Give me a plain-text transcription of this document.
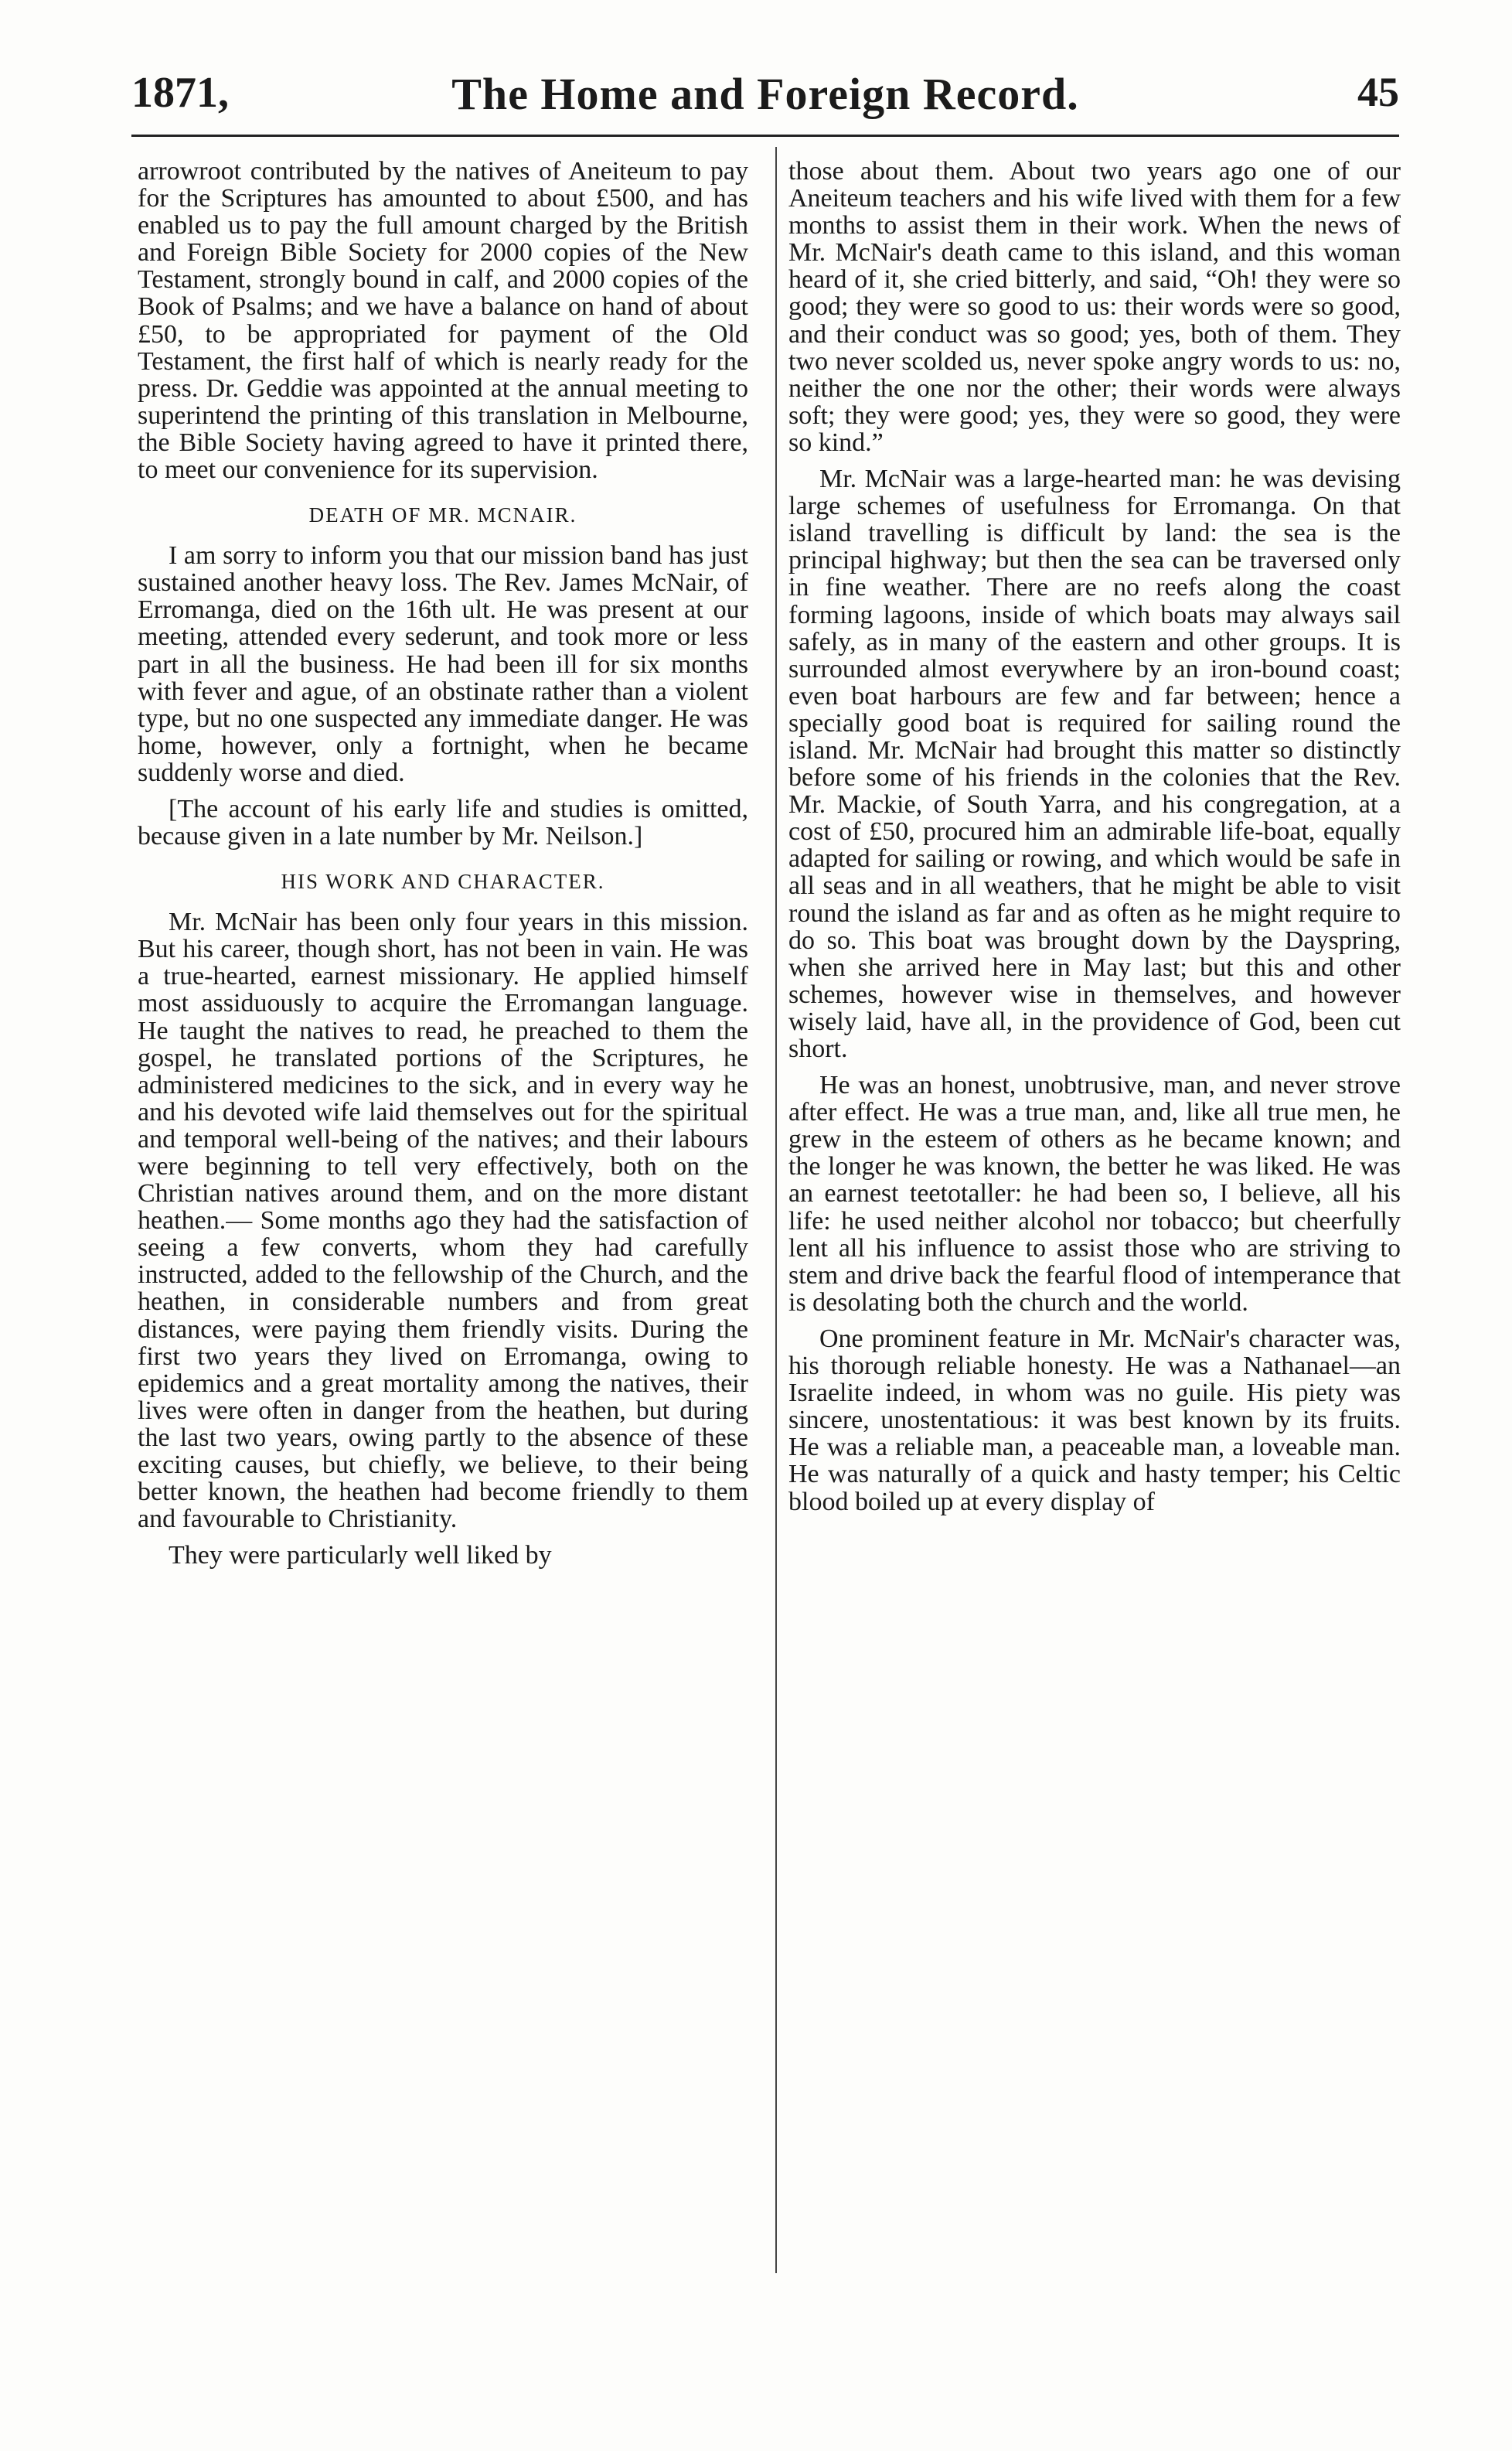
1871,	The Home and Foreign Record.	45

arrowroot contributed by the natives of Aneiteum to pay for the Scriptures has amounted to about £500, and has enabled us to pay the full amount charged by the British and Foreign Bible Society for 2000 copies of the New Testament, strongly bound in calf, and 2000 copies of the Book of Psalms; and we have a balance on hand of about £50, to be appropriated for payment of the Old Testament, the first half of which is nearly ready for the press. Dr. Geddie was appointed at the annual meeting to superintend the printing of this translation in Melbourne, the Bible Society having agreed to have it printed there, to meet our convenience for its supervision.

DEATH OF MR. MCNAIR.

I am sorry to inform you that our mission band has just sustained another heavy loss. The Rev. James McNair, of Erromanga, died on the 16th ult. He was present at our meeting, attended every sederunt, and took more or less part in all the business. He had been ill for six months with fever and ague, of an obstinate rather than a violent type, but no one suspected any immediate danger. He was home, however, only a fortnight, when he became suddenly worse and died.

[The account of his early life and studies is omitted, because given in a late number by Mr. Neilson.]

HIS WORK AND CHARACTER.

Mr. McNair has been only four years in this mission. But his career, though short, has not been in vain. He was a true-hearted, earnest missionary. He applied himself most assiduously to acquire the Erromangan language. He taught the natives to read, he preached to them the gospel, he translated portions of the Scriptures, he administered medicines to the sick, and in every way he and his devoted wife laid themselves out for the spiritual and temporal well-being of the natives; and their labours were beginning to tell very effectively, both on the Christian natives around them, and on the more distant heathen.— Some months ago they had the satisfaction of seeing a few converts, whom they had carefully instructed, added to the fellowship of the Church, and the heathen, in considerable numbers and from great distances, were paying them friendly visits. During the first two years they lived on Erromanga, owing to epidemics and a great mortality among the natives, their lives were often in danger from the heathen, but during the last two years, owing partly to the absence of these exciting causes, but chiefly, we believe, to their being better known, the heathen had become friendly to them and favourable to Christianity.

They were particularly well liked by

those about them. About two years ago one of our Aneiteum teachers and his wife lived with them for a few months to assist them in their work. When the news of Mr. McNair's death came to this island, and this woman heard of it, she cried bitterly, and said, “Oh! they were so good; they were so good to us: their words were so good, and their conduct was so good; yes, both of them. They two never scolded us, never spoke angry words to us: no, neither the one nor the other; their words were always soft; they were good; yes, they were so good, they were so kind.”

Mr. McNair was a large-hearted man: he was devising large schemes of usefulness for Erromanga. On that island travelling is difficult by land: the sea is the principal highway; but then the sea can be traversed only in fine weather. There are no reefs along the coast forming lagoons, inside of which boats may always sail safely, as in many of the eastern and other groups. It is surrounded almost everywhere by an iron-bound coast; even boat harbours are few and far between; hence a specially good boat is required for sailing round the island. Mr. McNair had brought this matter so distinctly before some of his friends in the colonies that the Rev. Mr. Mackie, of South Yarra, and his congregation, at a cost of £50, procured him an admirable life-boat, equally adapted for sailing or rowing, and which would be safe in all seas and in all weathers, that he might be able to visit round the island as far and as often as he might require to do so. This boat was brought down by the Dayspring, when she arrived here in May last; but this and other schemes, however wise in themselves, and however wisely laid, have all, in the providence of God, been cut short.

He was an honest, unobtrusive, man, and never strove after effect. He was a true man, and, like all true men, he grew in the esteem of others as he became known; and the longer he was known, the better he was liked. He was an earnest teetotaller: he had been so, I believe, all his life: he used neither alcohol nor tobacco; but cheerfully lent all his influence to assist those who are striving to stem and drive back the fearful flood of intemperance that is desolating both the church and the world.

One prominent feature in Mr. McNair's character was, his thorough reliable honesty. He was a Nathanael—an Israelite indeed, in whom was no guile. His piety was sincere, unostentatious: it was best known by its fruits. He was a reliable man, a peaceable man, a loveable man. He was naturally of a quick and hasty temper; his Celtic blood boiled up at every display of
